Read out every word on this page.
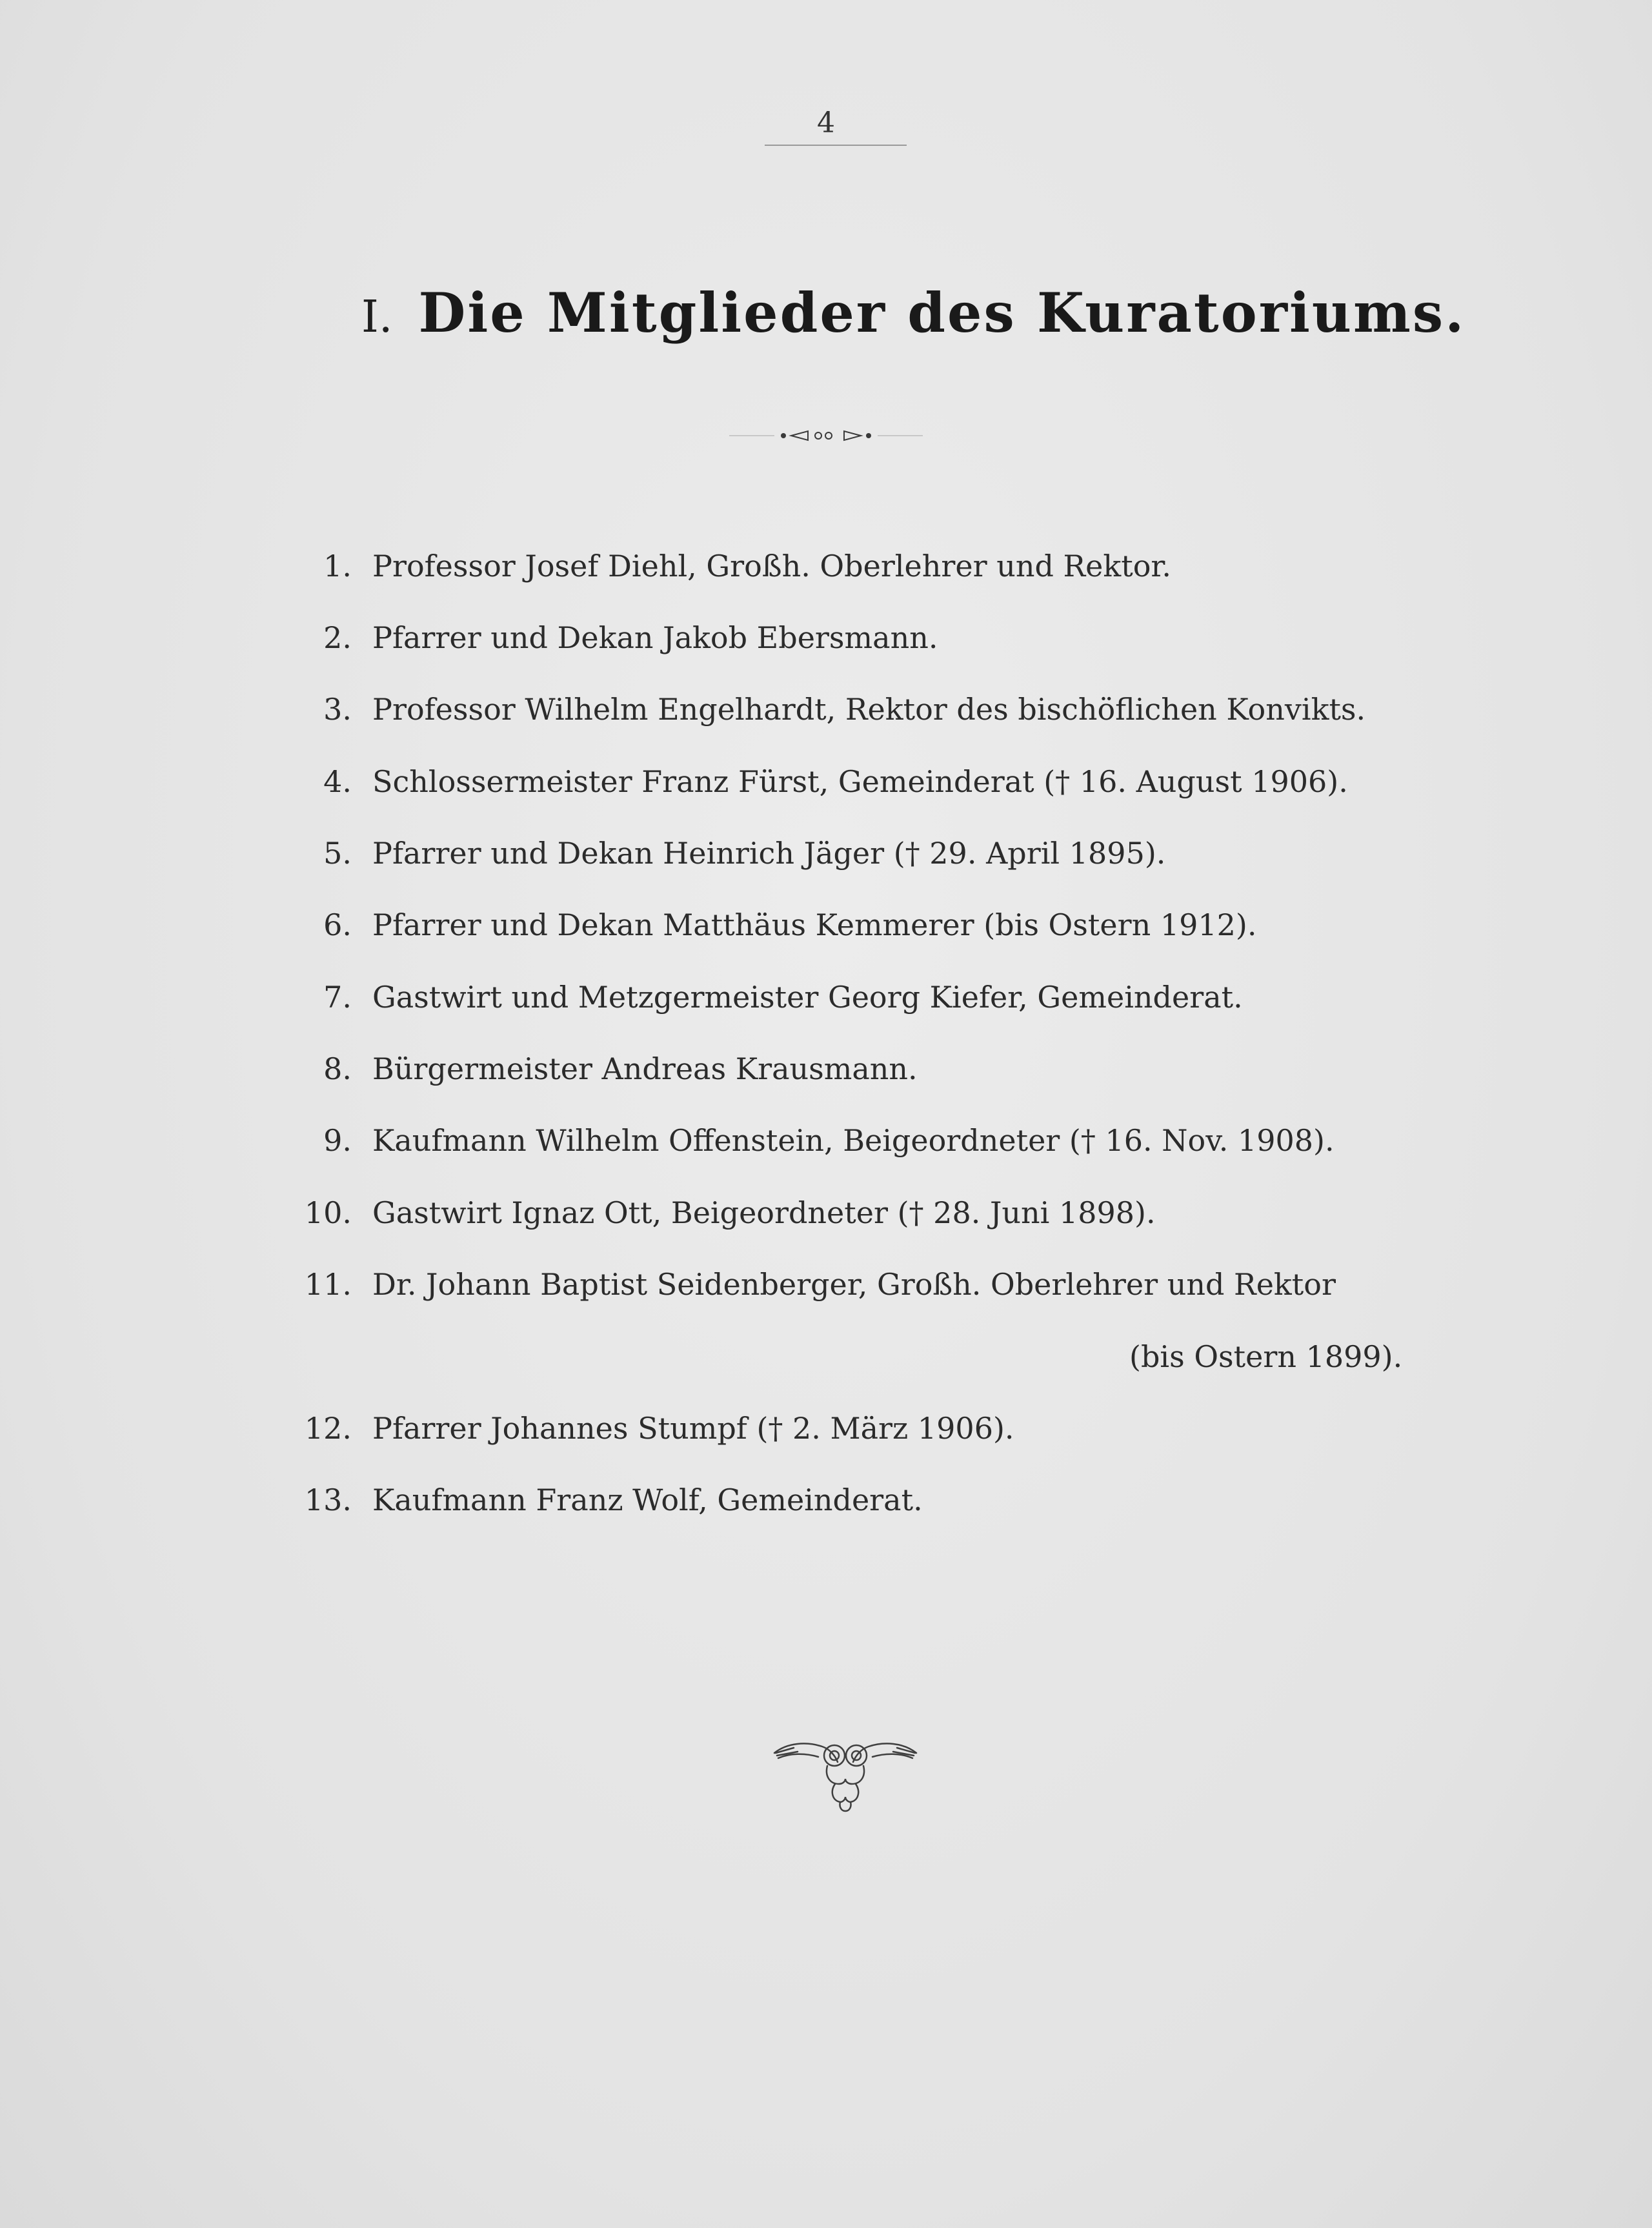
4
I. Die Mitglieder des Kuratoriums.
1. Professor Josef Diehl, Großh. Oberlehrer und Rektor.
2. Pfarrer und Dekan Jakob Ebersmann.
3. Professor Wilhelm Engelhardt, Rektor des bischöflichen Konvikts.
4. Schlossermeister Franz Fürst, Gemeinderat († 16. August 1906).
5. Pfarrer und Dekan Heinrich Jäger († 29. April 1895).
6. Pfarrer und Dekan Matthäus Kemmerer (bis Ostern 1912).
7. Gastwirt und Metzgermeister Georg Kiefer, Gemeinderat.
8. Bürgermeister Andreas Krausmann.
9. Kaufmann Wilhelm Offenstein, Beigeordneter († 16. Nov. 1908).
10. Gastwirt Ignaz Ott, Beigeordneter († 28. Juni 1898).
11. Dr. Johann Baptist Seidenberger, Großh. Oberlehrer und Rektor
(bis Ostern 1899).
12. Pfarrer Johannes Stumpf († 2. März 1906).
13. Kaufmann Franz Wolf, Gemeinderat.
